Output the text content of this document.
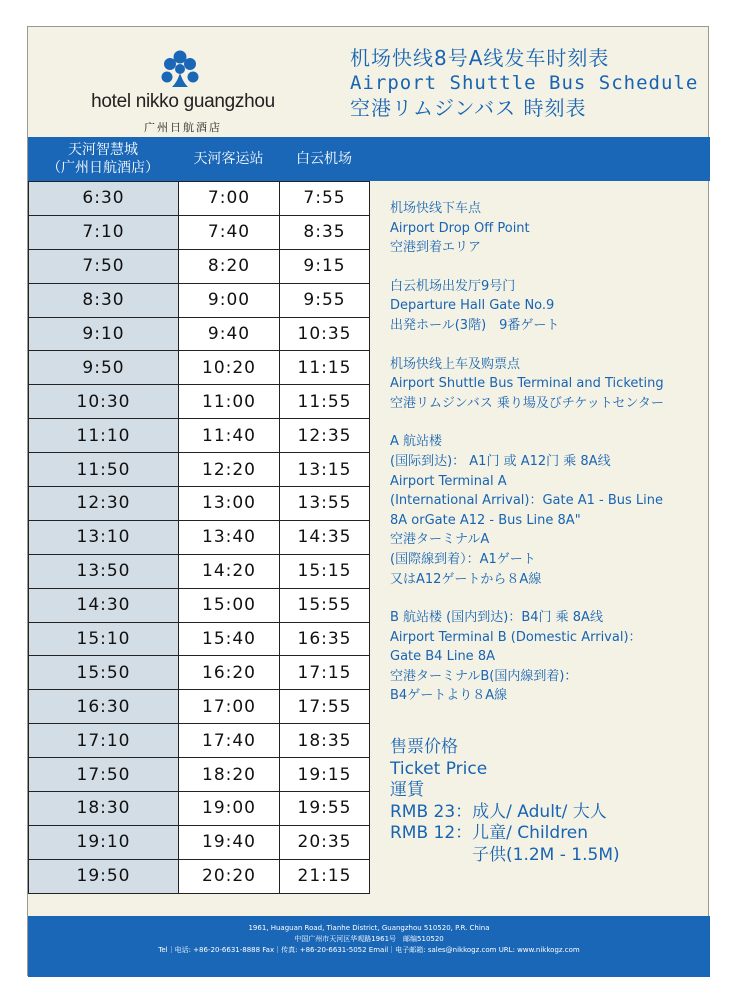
hotel nikko guangzhou
广州日航酒店
机场快线8号A线发车时刻表
Airport Shuttle Bus Schedule
空港リムジンバス 時刻表
天河智慧城
（广州日航酒店）
天河客运站	白云机场
6:30	7:00	7:55
7:10	7:40	8:35
7:50	8:20	9:15
8:30	9:00	9:55
9:10	9:40	10:35
9:50	10:20	11:15
10:30	11:00	11:55
11:10	11:40	12:35
11:50	12:20	13:15
12:30	13:00	13:55
13:10	13:40	14:35
13:50	14:20	15:15
14:30	15:00	15:55
15:10	15:40	16:35
15:50	16:20	17:15
16:30	17:00	17:55
17:10	17:40	18:35
17:50	18:20	19:15
18:30	19:00	19:55
19:10	19:40	20:35
19:50	20:20	21:15
机场快线下车点
Airport Drop Off Point
空港到着エリア
白云机场出发厅9号门
Departure Hall Gate No.9
出発ホール(3階)　9番ゲート
机场快线上车及购票点
Airport Shuttle Bus Terminal and Ticketing
空港リムジンバス 乗り場及びチケットセンター
A 航站楼
(国际到达)： A1门 或 A12门 乘 8A线
Airport Terminal A
(International Arrival)：Gate A1 - Bus Line
8A orGate A12 - Bus Line 8A"
空港ターミナルA
(国際線到着）：A1ゲート
又はA12ゲートから８A線
B 航站楼 (国内到达)：B4门 乘 8A线
Airport Terminal B (Domestic Arrival)：
Gate B4 Line 8A
空港ターミナルB(国内線到着)：
B4ゲートより８A線
售票价格
Ticket Price
運賃
RMB 23：成人/ Adult/ 大人
RMB 12：儿童/ Children
子供(1.2M - 1.5M)
1961, Huaguan Road, Tianhe District, Guangzhou 510520, P.R. China
中国广州市天河区华观路1961号　邮编510520
Tel｜电话: +86-20-6631-8888 Fax｜传真: +86-20-6631-5052 Email｜电子邮箱: sales@nikkogz.com URL: www.nikkogz.com
